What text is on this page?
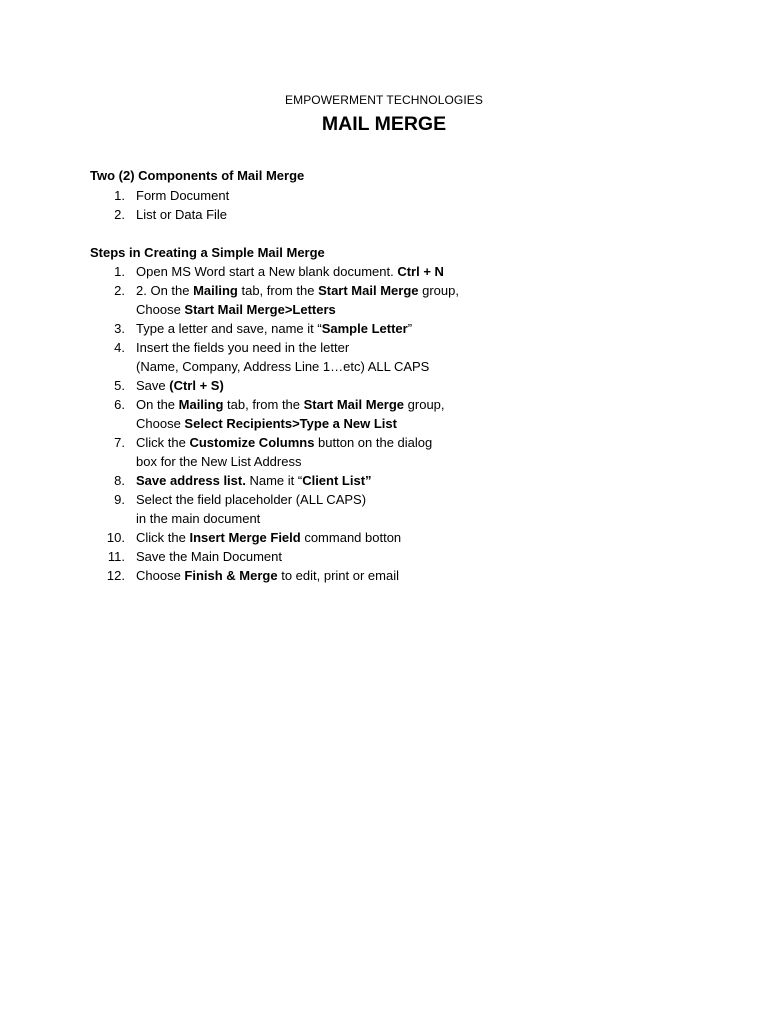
EMPOWERMENT TECHNOLOGIES
MAIL MERGE
Two (2) Components of Mail Merge
1. Form Document
2. List or Data File
Steps in Creating a Simple Mail Merge
1. Open MS Word start a New blank document. Ctrl + N
2. 2. On the Mailing tab, from the Start Mail Merge group,
Choose Start Mail Merge>Letters
3. Type a letter and save, name it “Sample Letter”
4. Insert the fields you need in the letter
(Name, Company, Address Line 1…etc) ALL CAPS
5. Save (Ctrl + S)
6. On the Mailing tab, from the Start Mail Merge group,
Choose Select Recipients>Type a New List
7. Click the Customize Columns button on the dialog
box for the New List Address
8. Save address list. Name it “Client List”
9. Select the field placeholder (ALL CAPS)
in the main document
10. Click the Insert Merge Field command botton
11. Save the Main Document
12. Choose Finish & Merge to edit, print or email
